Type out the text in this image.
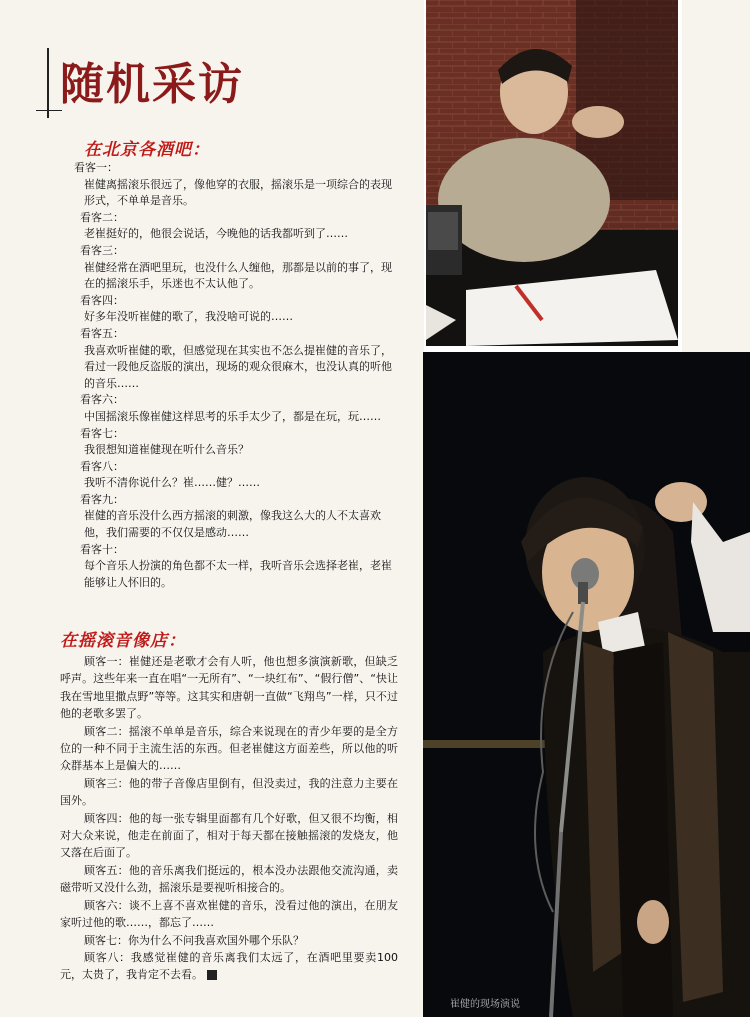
随机采访
在北京各酒吧：
看客一：
崔健离摇滚乐很远了，像他穿的衣服，摇滚乐是一项综合的表现形式，不单单是音乐。
看客二：
老崔挺好的，他很会说话，今晚他的话我都听到了……
看客三：
崔健经常在酒吧里玩，也没什么人缠他，那都是以前的事了，现在的摇滚乐手，乐迷也不太认他了。
看客四：
好多年没听崔健的歌了，我没啥可说的……
看客五：
我喜欢听崔健的歌，但感觉现在其实也不怎么提崔健的音乐了，看过一段他反盗版的演出，现场的观众很麻木，也没认真的听他的音乐……
看客六：
中国摇滚乐像崔健这样思考的乐手太少了，都是在玩，玩……
看客七：
我很想知道崔健现在听什么音乐？
看客八：
我听不清你说什么？崔……健？……
看客九：
崔健的音乐没什么西方摇滚的刺激，像我这么大的人不太喜欢他，我们需要的不仅仅是感动……
看客十：
每个音乐人扮演的角色都不太一样，我听音乐会选择老崔，老崔能够让人怀旧的。
在摇滚音像店：

顾客一：崔健还是老歌才会有人听，他也想多演演新歌，但缺乏呼声。这些年来一直在唱“一无所有”、“一块红布”、“假行僧”、“快让我在雪地里撒点野”等等。这其实和唐朝一直做“飞翔鸟”一样，只不过他的老歌多罢了。

顾客二：摇滚不单单是音乐，综合来说现在的青少年要的是全方位的一种不同于主流生活的东西。但老崔健这方面差些，所以他的听众群基本上是偏大的……

顾客三：他的带子音像店里倒有，但没卖过，我的注意力主要在国外。

顾客四：他的每一张专辑里面都有几个好歌，但又很不均衡，相对大众来说，他走在前面了，相对于每天都在接触摇滚的发烧友，他又落在后面了。

顾客五：他的音乐离我们挺远的，根本没办法跟他交流沟通，卖磁带听又没什么劲，摇滚乐是要视听相接合的。

顾客六：谈不上喜不喜欢崔健的音乐，没看过他的演出，在朋友家听过他的歌……，都忘了……

顾客七：你为什么不问我喜欢国外哪个乐队？

顾客八：我感觉崔健的音乐离我们太远了，在酒吧里要卖100元，太贵了，我肯定不去看。

崔健的现场演说
